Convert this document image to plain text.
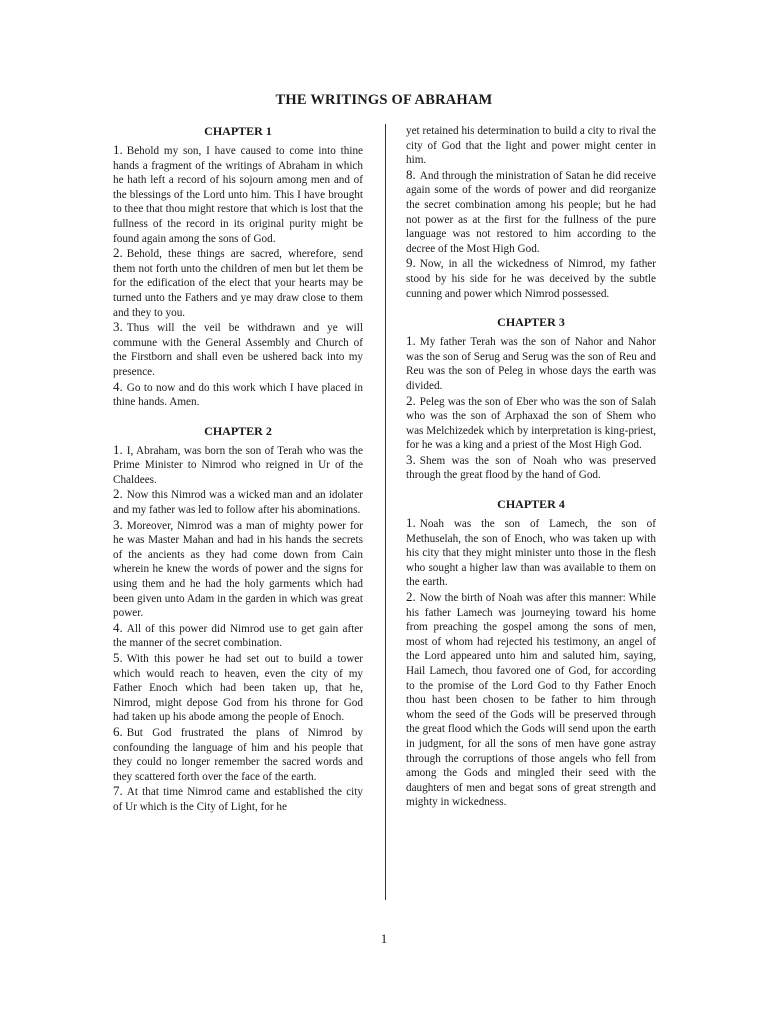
THE WRITINGS OF ABRAHAM
CHAPTER 1

1. Behold my son, I have caused to come into thine hands a fragment of the writings of Abraham in which he hath left a record of his sojourn among men and of the blessings of the Lord unto him. This I have brought to thee that thou might restore that which is lost that the fullness of the record in its original purity might be found again among the sons of God.

2. Behold, these things are sacred, wherefore, send them not forth unto the children of men but let them be for the edification of the elect that your hearts may be turned unto the Fathers and ye may draw close to them and they to you.

3. Thus will the veil be withdrawn and ye will commune with the General Assembly and Church of the Firstborn and shall even be ushered back into my presence.

4. Go to now and do this work which I have placed in thine hands. Amen.

CHAPTER 2

1. I, Abraham, was born the son of Terah who was the Prime Minister to Nimrod who reigned in Ur of the Chaldees.

2. Now this Nimrod was a wicked man and an idolater and my father was led to follow after his abominations.

3. Moreover, Nimrod was a man of mighty power for he was Master Mahan and had in his hands the secrets of the ancients as they had come down from Cain wherein he knew the words of power and the signs for using them and he had the holy garments which had been given unto Adam in the garden in which was great power.

4. All of this power did Nimrod use to get gain after the manner of the secret combination.

5. With this power he had set out to build a tower which would reach to heaven, even the city of my Father Enoch which had been taken up, that he, Nimrod, might depose God from his throne for God had taken up his abode among the people of Enoch.

6. But God frustrated the plans of Nimrod by confounding the language of him and his people that they could no longer remember the sacred words and they scattered forth over the face of the earth.

7. At that time Nimrod came and established the city of Ur which is the City of Light, for he

yet retained his determination to build a city to rival the city of God that the light and power might center in him.

8. And through the ministration of Satan he did receive again some of the words of power and did reorganize the secret combination among his people; but he had not power as at the first for the fullness of the pure language was not restored to him according to the decree of the Most High God.

9. Now, in all the wickedness of Nimrod, my father stood by his side for he was deceived by the subtle cunning and power which Nimrod possessed.

CHAPTER 3

1. My father Terah was the son of Nahor and Nahor was the son of Serug and Serug was the son of Reu and Reu was the son of Peleg in whose days the earth was divided.

2. Peleg was the son of Eber who was the son of Salah who was the son of Arphaxad the son of Shem who was Melchizedek which by interpretation is king-priest, for he was a king and a priest of the Most High God.

3. Shem was the son of Noah who was preserved through the great flood by the hand of God.

CHAPTER 4

1. Noah was the son of Lamech, the son of Methuselah, the son of Enoch, who was taken up with his city that they might minister unto those in the flesh who sought a higher law than was available to them on the earth.

2. Now the birth of Noah was after this manner: While his father Lamech was journeying toward his home from preaching the gospel among the sons of men, most of whom had rejected his testimony, an angel of the Lord appeared unto him and saluted him, saying, Hail Lamech, thou favored one of God, for according to the promise of the Lord God to thy Father Enoch thou hast been chosen to be father to him through whom the seed of the Gods will be preserved through the great flood which the Gods will send upon the earth in judgment, for all the sons of men have gone astray through the corruptions of those angels who fell from among the Gods and mingled their seed with the daughters of men and begat sons of great strength and mighty in wickedness.

1
